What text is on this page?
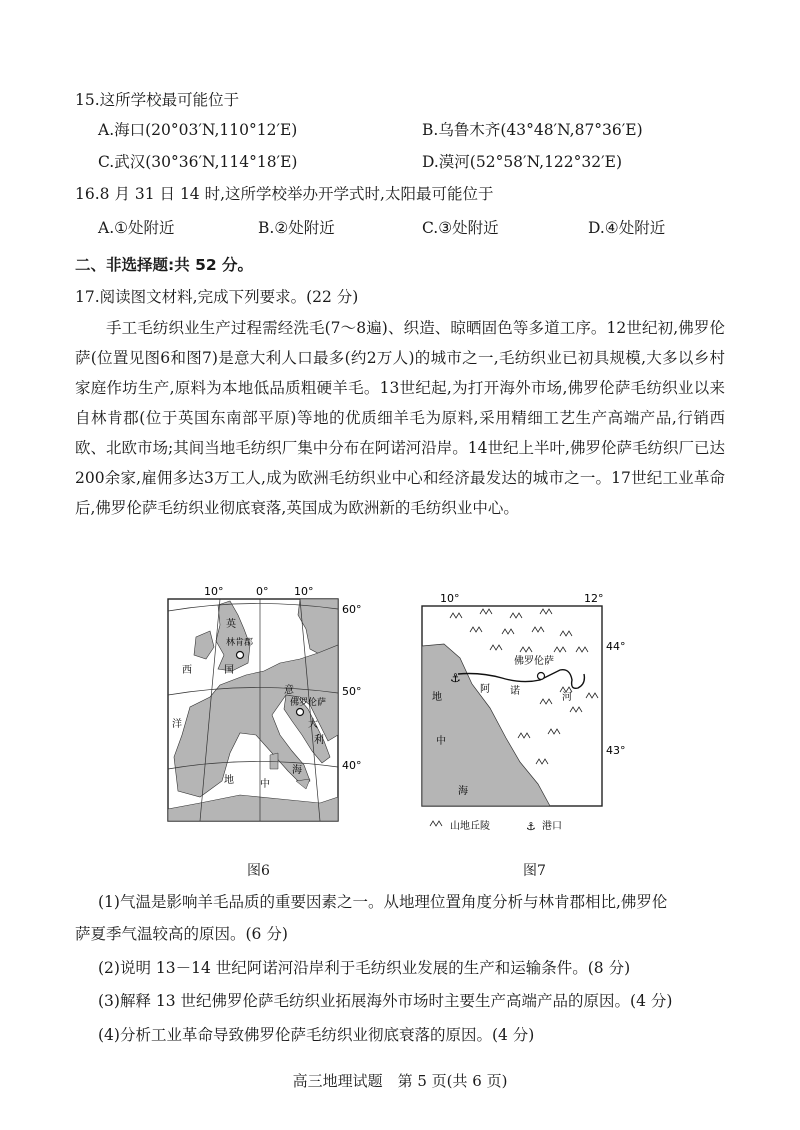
15.这所学校最可能位于
A.海口(20°03′N,110°12′E)	B.乌鲁木齐(43°48′N,87°36′E)
C.武汉(30°36′N,114°18′E)	D.漠河(52°58′N,122°32′E)
16.8 月 31 日 14 时,这所学校举办开学式时,太阳最可能位于
A.①处附近	B.②处附近	C.③处附近	D.④处附近
二、非选择题:共 52 分。
17.阅读图文材料,完成下列要求。(22 分)
手工毛纺织业生产过程需经洗毛(7～8遍)、织造、晾晒固色等多道工序。12世纪初,佛罗伦萨(位置见图6和图7)是意大利人口最多(约2万人)的城市之一,毛纺织业已初具规模,大多以乡村家庭作坊生产,原料为本地低品质粗硬羊毛。13世纪起,为打开海外市场,佛罗伦萨毛纺织业以来自林肯郡(位于英国东南部平原)等地的优质细羊毛为原料,采用精细工艺生产高端产品,行销西欧、北欧市场;其间当地毛纺织厂集中分布在阿诺河沿岸。14世纪上半叶,佛罗伦萨毛纺织厂已达200余家,雇佣多达3万工人,成为欧洲毛纺织业中心和经济最发达的城市之一。17世纪工业革命后,佛罗伦萨毛纺织业彻底衰落,英国成为欧洲新的毛纺织业中心。
10°	0° 10°
60°
50°
40°
英
国
林肯郡
西
洋
意
大
利
佛罗伦萨
地	中
海
图6
⚓
10°	12°
44°
43°
佛罗伦萨
阿 诺
河
地
中
海
山地丘陵	⚓ 港口
图7
(1)气温是影响羊毛品质的重要因素之一。从地理位置角度分析与林肯郡相比,佛罗伦
萨夏季气温较高的原因。(6 分)
(2)说明 13－14 世纪阿诺河沿岸利于毛纺织业发展的生产和运输条件。(8 分)
(3)解释 13 世纪佛罗伦萨毛纺织业拓展海外市场时主要生产高端产品的原因。(4 分)
(4)分析工业革命导致佛罗伦萨毛纺织业彻底衰落的原因。(4 分)
高三地理试题　第 5 页(共 6 页)
